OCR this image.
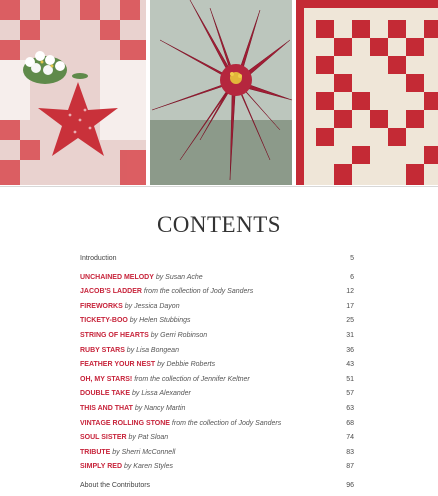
CONTENTS
Introduction	5
UNCHAINED MELODY by Susan Ache	6
JACOB'S LADDER from the collection of Jody Sanders	12
FIREWORKS by Jessica Dayon	17
TICKETY-BOO by Helen Stubbings	25
STRING OF HEARTS by Gerri Robinson	31
RUBY STARS by Lisa Bongean	36
FEATHER YOUR NEST by Debbie Roberts	43
OH, MY STARS! from the collection of Jennifer Keltner	51
DOUBLE TAKE by Lissa Alexander	57
THIS AND THAT by Nancy Martin	63
VINTAGE ROLLING STONE from the collection of Jody Sanders	68
SOUL SISTER by Pat Sloan	74
TRIBUTE by Sherri McConnell	83
SIMPLY RED by Karen Styles	87
About the Contributors	96
